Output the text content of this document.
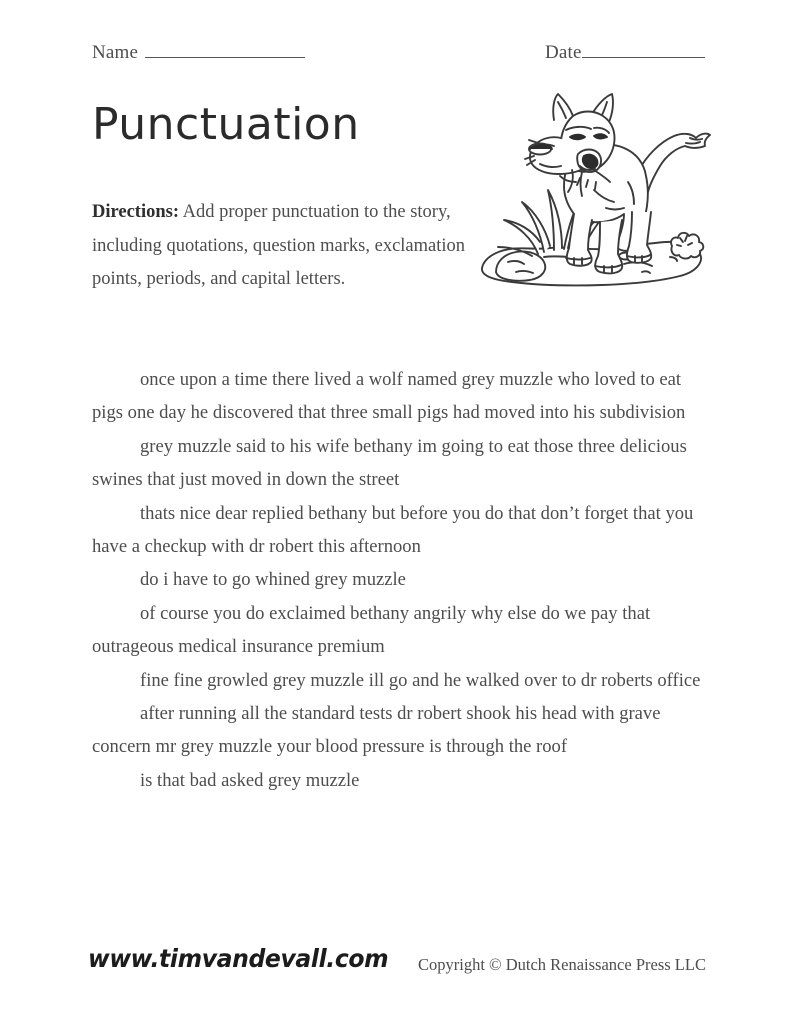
Name	Date
Punctuation
Directions: Add proper punctuation to the story, including quotations, question marks, exclamation points, periods, and capital letters.

once upon a time there lived a wolf named grey muzzle who loved to eat pigs one day he discovered that three small pigs had moved into his subdivision

grey muzzle said to his wife bethany im going to eat those three delicious swines that just moved in down the street

thats nice dear replied bethany but before you do that don’t forget that you have a checkup with dr robert this afternoon

do i have to go whined grey muzzle

of course you do exclaimed bethany angrily why else do we pay that outrageous medical insurance premium

fine fine growled grey muzzle ill go and he walked over to dr roberts office

after running all the standard tests dr robert shook his head with grave concern mr grey muzzle your blood pressure is through the roof

is that bad asked grey muzzle

www.timvandevall.com Copyright © Dutch Renaissance Press LLC
